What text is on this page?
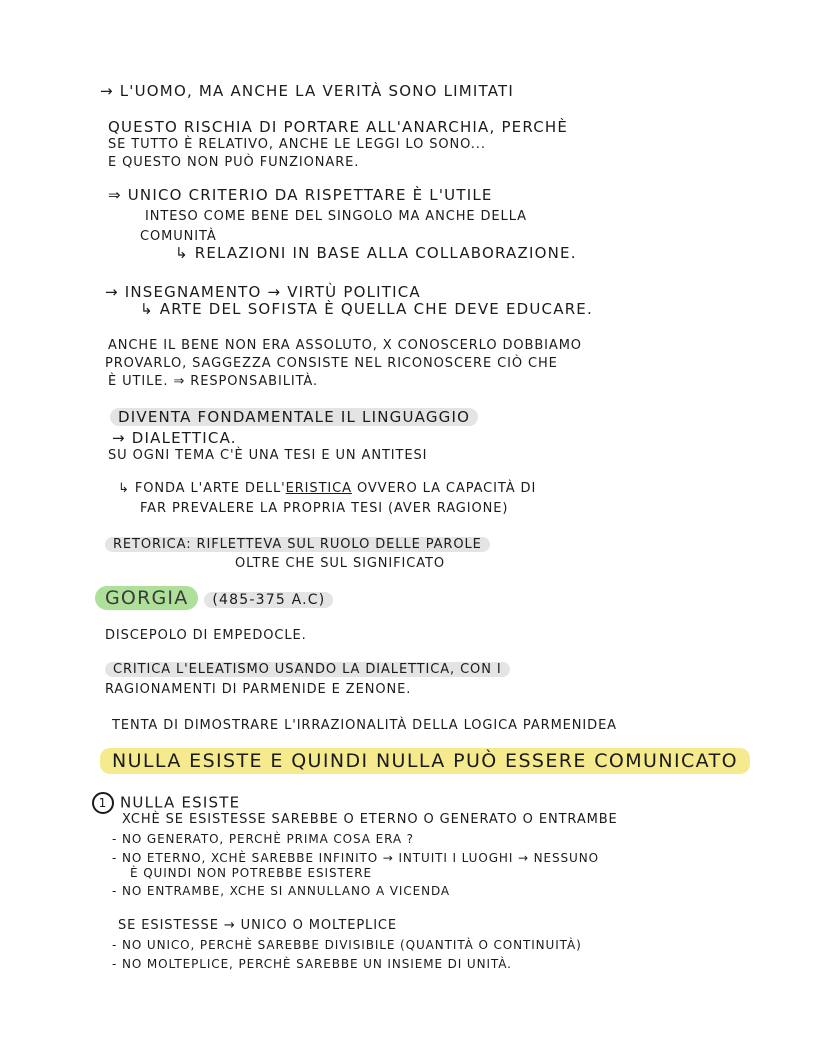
→ L'UOMO, MA ANCHE LA VERITÀ SONO LIMITATI
QUESTO RISCHIA DI PORTARE ALL'ANARCHIA, PERCHÈ
SE TUTTO È RELATIVO, ANCHE LE LEGGI LO SONO...
E QUESTO NON PUÒ FUNZIONARE.
⇒ UNICO CRITERIO DA RISPETTARE È L'UTILE
INTESO COME BENE DEL SINGOLO MA ANCHE DELLA
COMUNITÀ
↳ RELAZIONI IN BASE ALLA COLLABORAZIONE.
→ INSEGNAMENTO → VIRTÙ POLITICA
↳ ARTE DEL SOFISTA È QUELLA CHE DEVE EDUCARE.
ANCHE IL BENE NON ERA ASSOLUTO, X CONOSCERLO DOBBIAMO
PROVARLO, SAGGEZZA CONSISTE NEL RICONOSCERE CIÒ CHE
È UTILE. ⇒ RESPONSABILITÀ.
DIVENTA FONDAMENTALE IL LINGUAGGIO
→ DIALETTICA.
SU OGNI TEMA C'È UNA TESI E UN ANTITESI
↳ FONDA L'ARTE DELL'ERISTICA OVVERO LA CAPACITÀ DI
FAR PREVALERE LA PROPRIA TESI (AVER RAGIONE)
RETORICA: RIFLETTEVA SUL RUOLO DELLE PAROLE
OLTRE CHE SUL SIGNIFICATO
GORGIA (485-375 A.C)
DISCEPOLO DI EMPEDOCLE.
CRITICA L'ELEATISMO USANDO LA DIALETTICA, CON I
RAGIONAMENTI DI PARMENIDE E ZENONE.
TENTA DI DIMOSTRARE L'IRRAZIONALITÀ DELLA LOGICA PARMENIDEA
NULLA ESISTE E QUINDI NULLA PUÒ ESSERE COMUNICATO
1 NULLA ESISTE
XCHÈ SE ESISTESSE SAREBBE O ETERNO O GENERATO O ENTRAMBE
- NO GENERATO, PERCHÈ PRIMA COSA ERA ?
- NO ETERNO, XCHÈ SAREBBE INFINITO → INTUITI I LUOGHI → NESSUNO
È QUINDI NON POTREBBE ESISTERE
- NO ENTRAMBE, XCHE SI ANNULLANO A VICENDA
SE ESISTESSE → UNICO O MOLTEPLICE
- NO UNICO, PERCHÈ SAREBBE DIVISIBILE (QUANTITÀ O CONTINUITÀ)
- NO MOLTEPLICE, PERCHÈ SAREBBE UN INSIEME DI UNITÀ.
